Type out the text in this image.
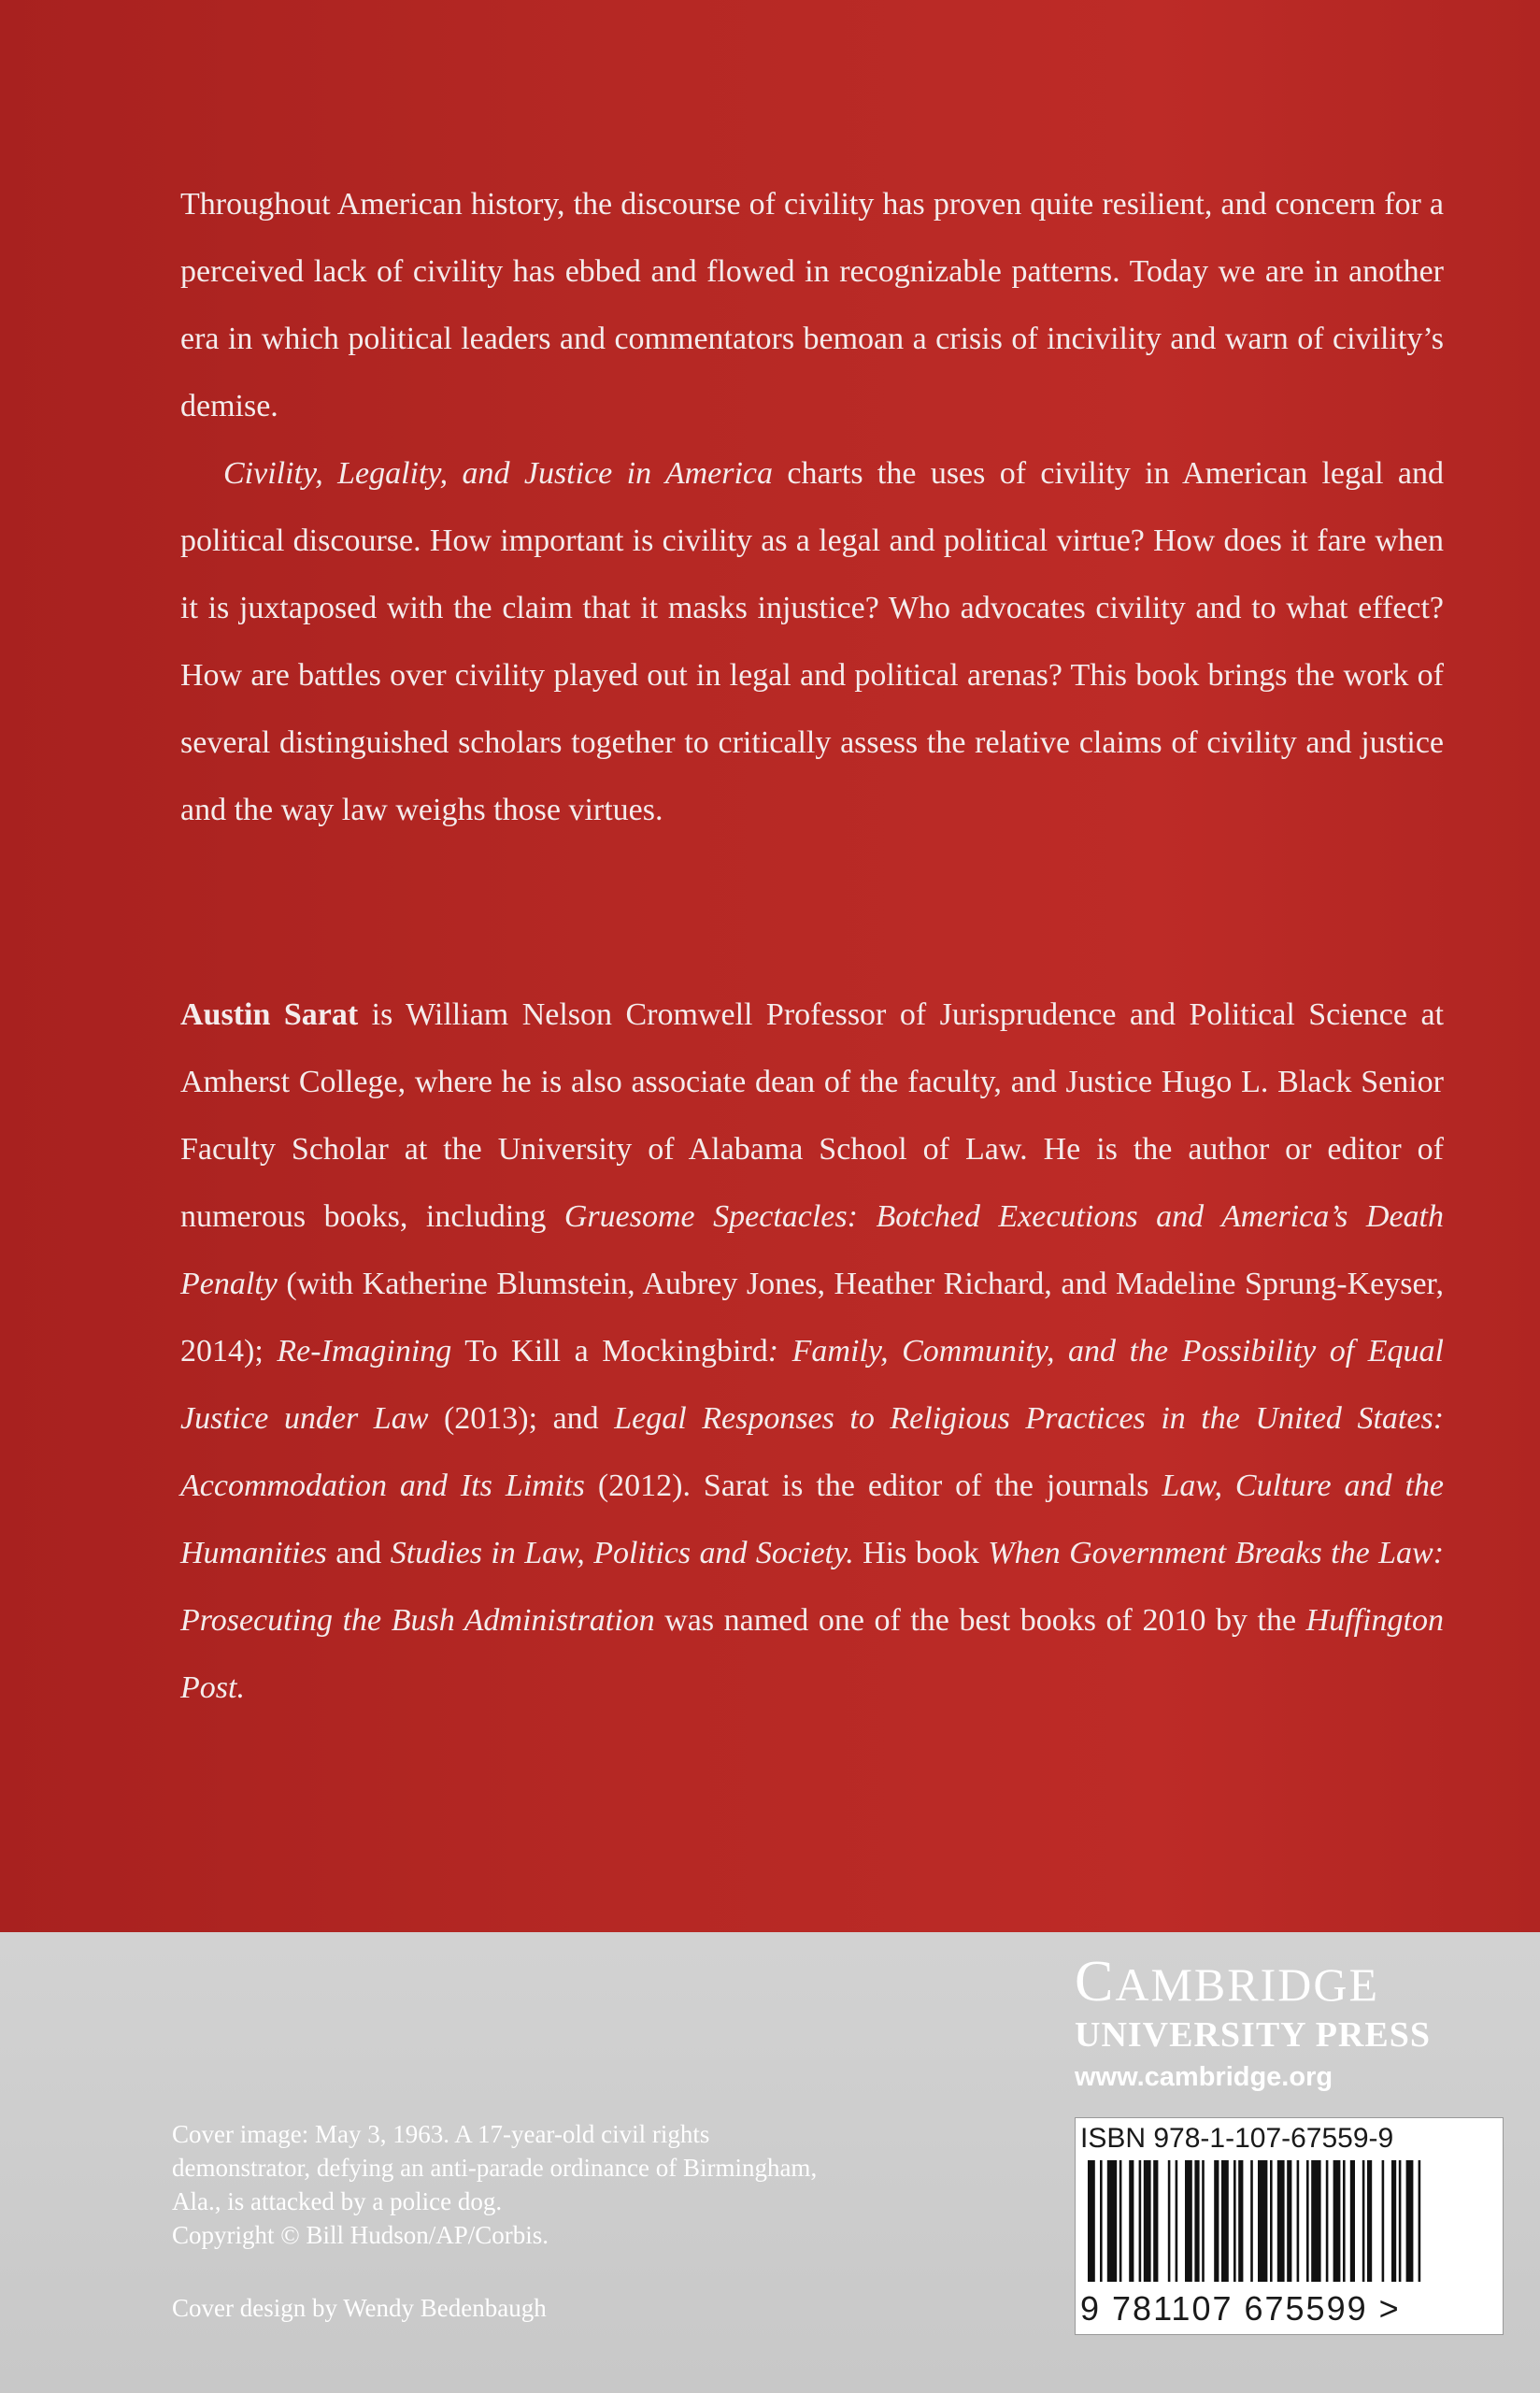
Throughout American history, the discourse of civility has proven quite resilient, and concern for a perceived lack of civility has ebbed and flowed in recognizable patterns. Today we are in another era in which political leaders and commentators bemoan a crisis of incivility and warn of civility’s demise.

Civility, Legality, and Justice in America charts the uses of civility in American legal and political discourse. How important is civility as a legal and political virtue? How does it fare when it is juxtaposed with the claim that it masks injustice? Who advocates civility and to what effect? How are battles over civility played out in legal and political arenas? This book brings the work of several distinguished scholars together to critically assess the relative claims of civility and justice and the way law weighs those virtues.

Austin Sarat is William Nelson Cromwell Professor of Jurisprudence and Political Science at Amherst College, where he is also associate dean of the faculty, and Justice Hugo L. Black Senior Faculty Scholar at the University of Alabama School of Law. He is the author or editor of numerous books, including Gruesome Spectacles: Botched Executions and America’s Death Penalty (with Katherine Blumstein, Aubrey Jones, Heather Richard, and Madeline Sprung-Keyser, 2014); Re-Imagining To Kill a Mockingbird: Family, Community, and the Possibility of Equal Justice under Law (2013); and Legal Responses to Religious Practices in the United States: Accommodation and Its Limits (2012). Sarat is the editor of the journals Law, Culture and the Humanities and Studies in Law, Politics and Society. His book When Government Breaks the Law: Prosecuting the Bush Administration was named one of the best books of 2010 by the Huffington Post.

CAMBRIDGE
UNIVERSITY PRESS
www.cambridge.org

Cover image: May 3, 1963. A 17-year-old civil rights demonstrator, defying an anti-parade ordinance of Birmingham, Ala., is attacked by a police dog.

Copyright © Bill Hudson/AP/Corbis.

Cover design by Wendy Bedenbaugh
ISBN 978-1-107-67559-9
9 781107 675599 >
